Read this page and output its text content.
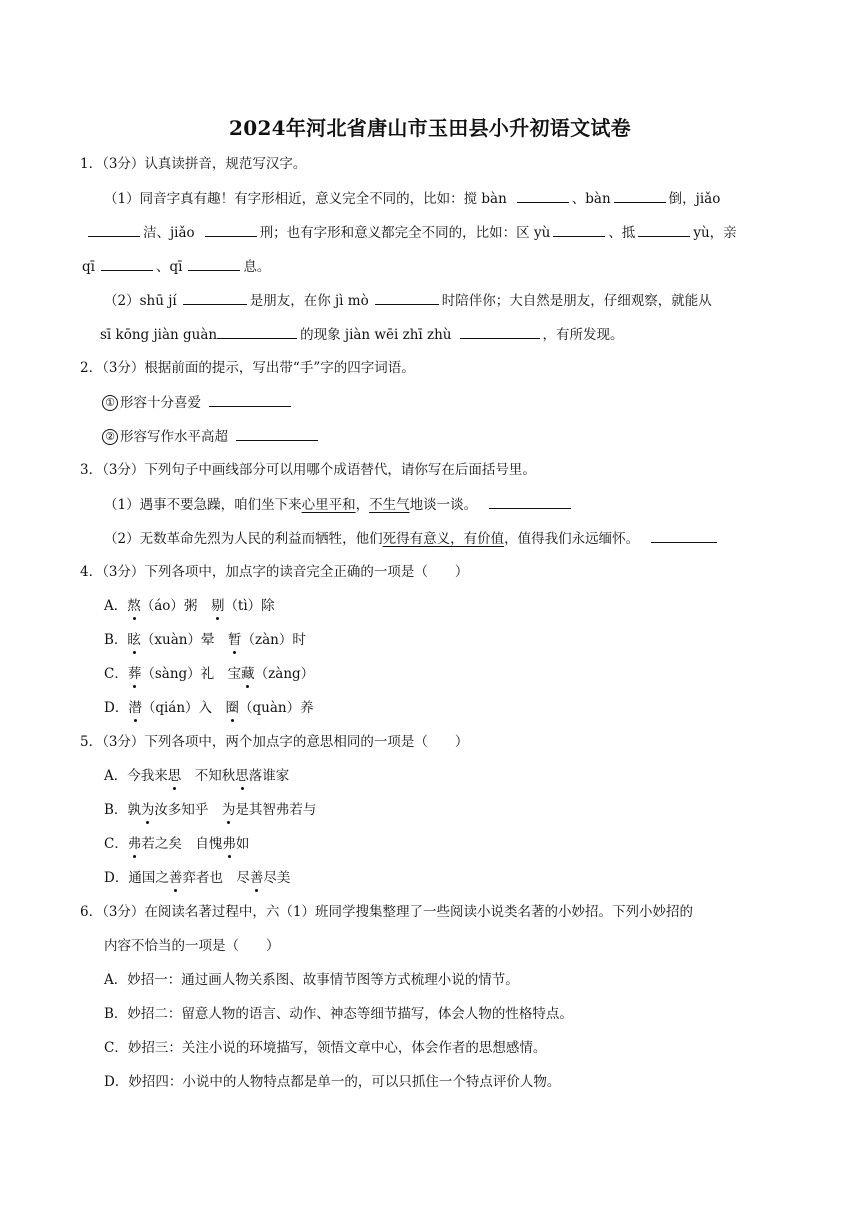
2024年河北省唐山市玉田县小升初语文试卷
1．（3分）认真读拼音，规范写汉字。
（1）同音字真有趣！有字形相近，意义完全不同的，比如：搅 bàn	、bàn	倒，jiǎo
洁、jiǎo	刑；也有字形和意义都完全不同的，比如：区 yù	、抵	yù，亲
qī	、qī	息。
（2）shū jí	是朋友，在你 jì mò	时陪伴你；大自然是朋友，仔细观察，就能从
sī kōng jiàn guàn	的现象 jiàn wēi zhī zhù	，有所发现。
2．（3分）根据前面的提示，写出带“手”字的四字词语。
① 形容十分喜爱
② 形容写作水平高超
3．（3分）下列句子中画线部分可以用哪个成语替代，请你写在后面括号里。
（1）遇事不要急躁，咱们坐下来心里平和，不生气地谈一谈。
（2）无数革命先烈为人民的利益而牺牲，他们死得有意义，有价值，值得我们永远缅怀。
4．（3分）下列各项中，加点字的读音完全正确的一项是（　　）
A．熬（áo）粥　剔（tì）除
B．眩（xuàn）晕　暂（zàn）时
C．葬（sàng）礼　宝藏（zàng）
D．潜（qián）入　圈（quàn）养
5．（3分）下列各项中，两个加点字的意思相同的一项是（　　）
A．今我来思　不知秋思落谁家
B．孰为汝多知乎　为是其智弗若与
C．弗若之矣　自愧弗如
D．通国之善弈者也　尽善尽美
6．（3分）在阅读名著过程中，六（1）班同学搜集整理了一些阅读小说类名著的小妙招。下列小妙招的
内容不恰当的一项是（　　）
A．妙招一：通过画人物关系图、故事情节图等方式梳理小说的情节。
B．妙招二：留意人物的语言、动作、神态等细节描写，体会人物的性格特点。
C．妙招三：关注小说的环境描写，领悟文章中心，体会作者的思想感情。
D．妙招四：小说中的人物特点都是单一的，可以只抓住一个特点评价人物。
